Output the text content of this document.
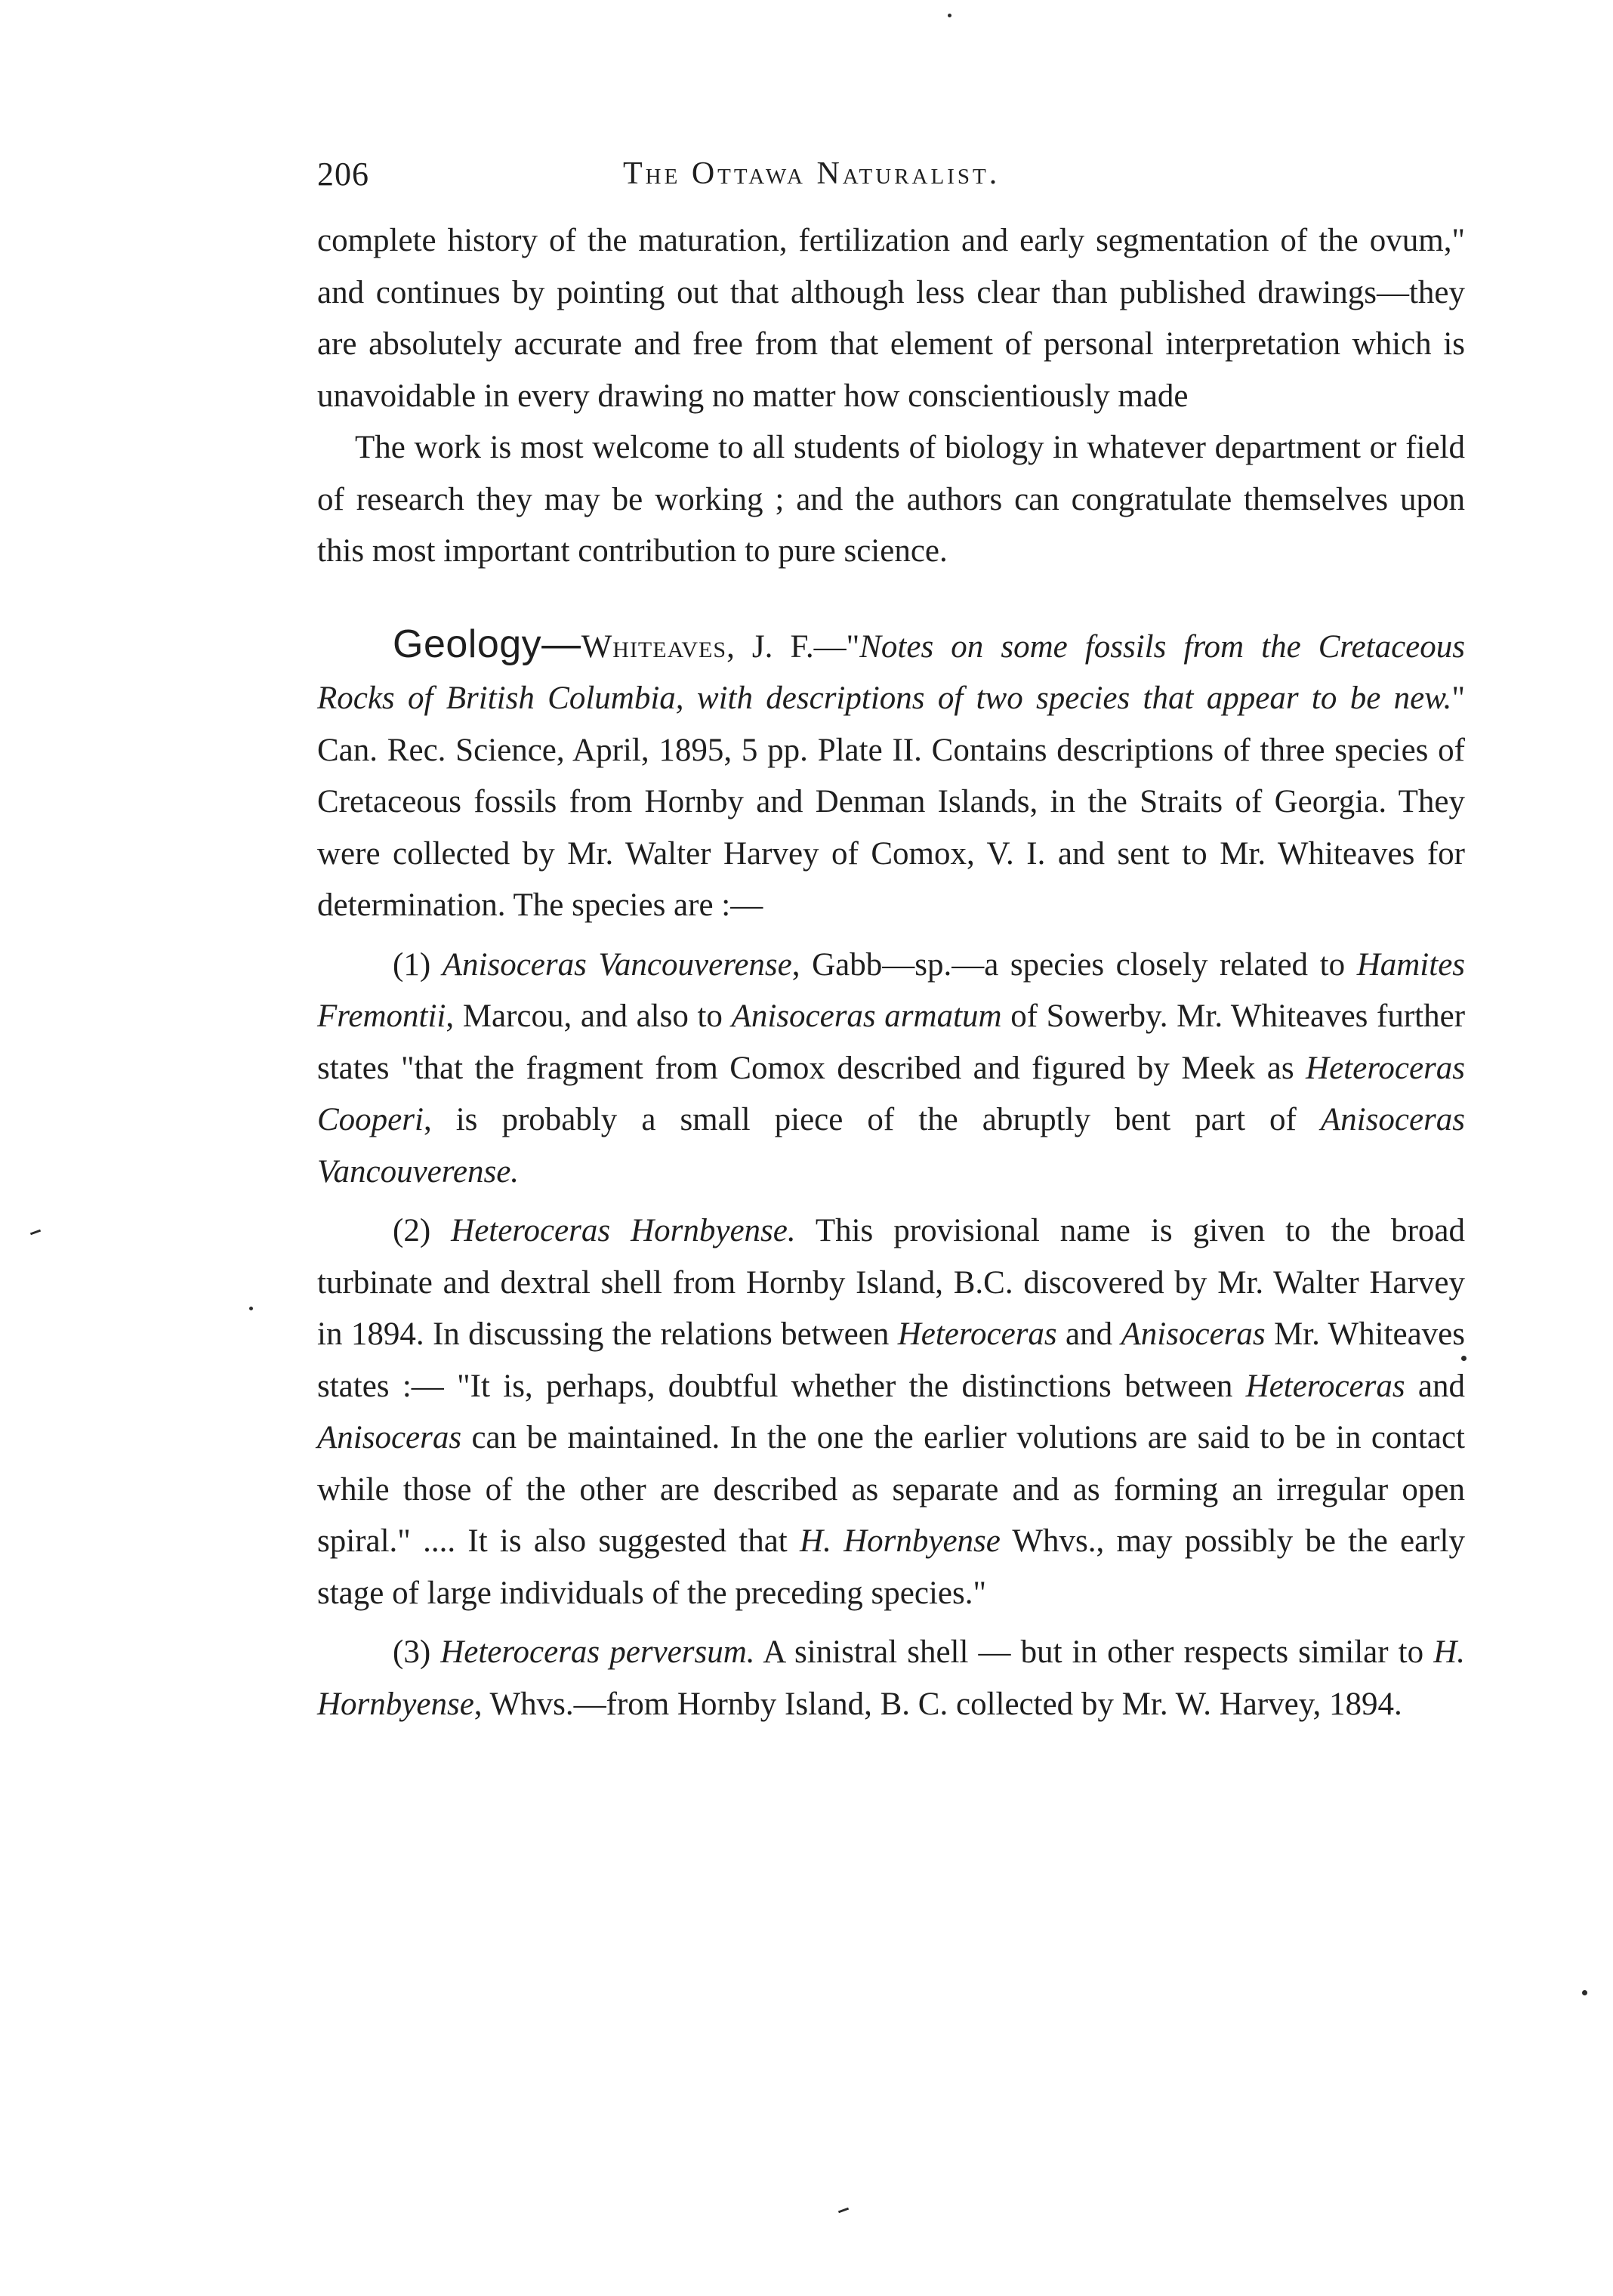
206	The Ottawa Naturalist.

complete history of the maturation, fertilization and early segmentation of the ovum," and continues by pointing out that although less clear than published drawings—they are absolutely accurate and free from that element of personal interpretation which is unavoidable in every drawing no matter how conscientiously made

The work is most welcome to all students of biology in whatever department or field of research they may be working ; and the authors can congratulate themselves upon this most important contribution to pure science.

Geology—Whiteaves, J. F.—"Notes on some fossils from the Cretaceous Rocks of British Columbia, with descriptions of two species that appear to be new." Can. Rec. Science, April, 1895, 5 pp. Plate II. Contains descriptions of three species of Cretaceous fossils from Hornby and Denman Islands, in the Straits of Georgia. They were collected by Mr. Walter Harvey of Comox, V. I. and sent to Mr. Whiteaves for determination. The species are :—

(1) Anisoceras Vancouverense, Gabb—sp.—a species closely related to Hamites Fremontii, Marcou, and also to Anisoceras armatum of Sowerby. Mr. Whiteaves further states "that the fragment from Comox described and figured by Meek as Heteroceras Cooperi, is probably a small piece of the abruptly bent part of Anisoceras Vancouverense.

(2) Heteroceras Hornbyense. This provisional name is given to the broad turbinate and dextral shell from Hornby Island, B.C. discovered by Mr. Walter Harvey in 1894. In discussing the relations between Heteroceras and Anisoceras Mr. Whiteaves states :— "It is, perhaps, doubtful whether the distinctions between Heteroceras and Anisoceras can be maintained. In the one the earlier volutions are said to be in contact while those of the other are described as separate and as forming an irregular open spiral." .... It is also suggested that H. Hornbyense Whvs., may possibly be the early stage of large individuals of the preceding species."

(3) Heteroceras perversum. A sinistral shell — but in other respects similar to H. Hornbyense, Whvs.—from Hornby Island, B. C. collected by Mr. W. Harvey, 1894.
